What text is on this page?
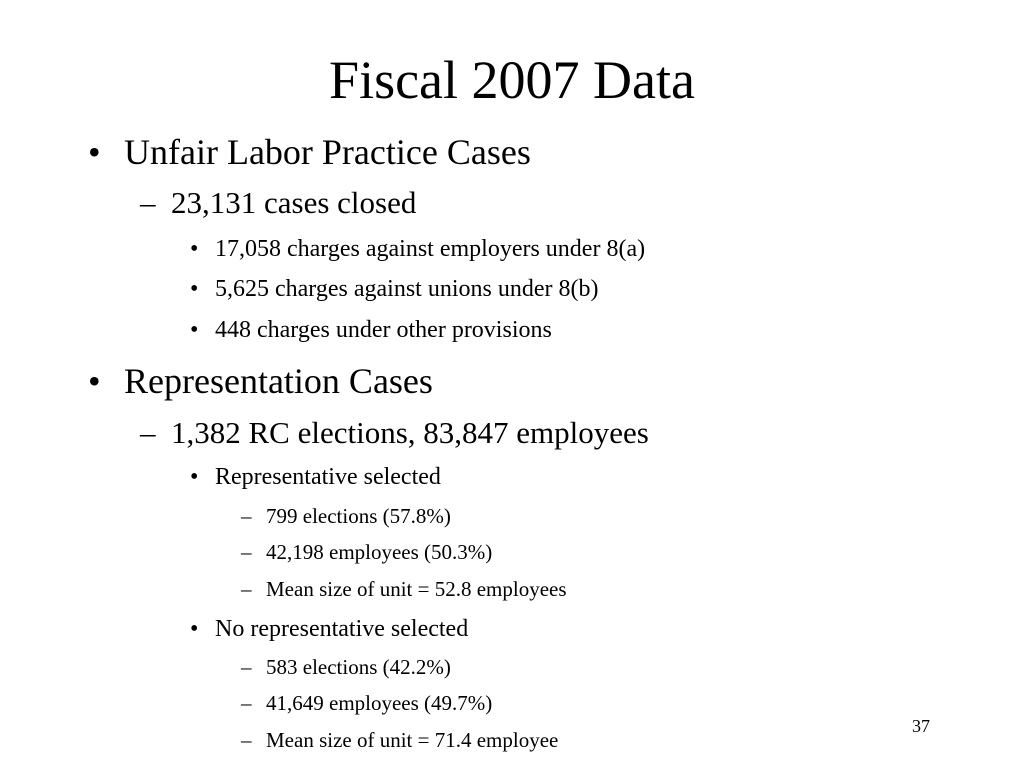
Fiscal 2007 Data
• Unfair Labor Practice Cases
– 23,131 cases closed
• 17,058 charges against employers under 8(a)
• 5,625 charges against unions under 8(b)
• 448 charges under other provisions
• Representation Cases
– 1,382 RC elections, 83,847 employees
• Representative selected
– 799 elections (57.8%)
– 42,198 employees (50.3%)
– Mean size of unit = 52.8 employees
• No representative selected
– 583 elections (42.2%)
– 41,649 employees (49.7%)
– Mean size of unit = 71.4 employee
37
